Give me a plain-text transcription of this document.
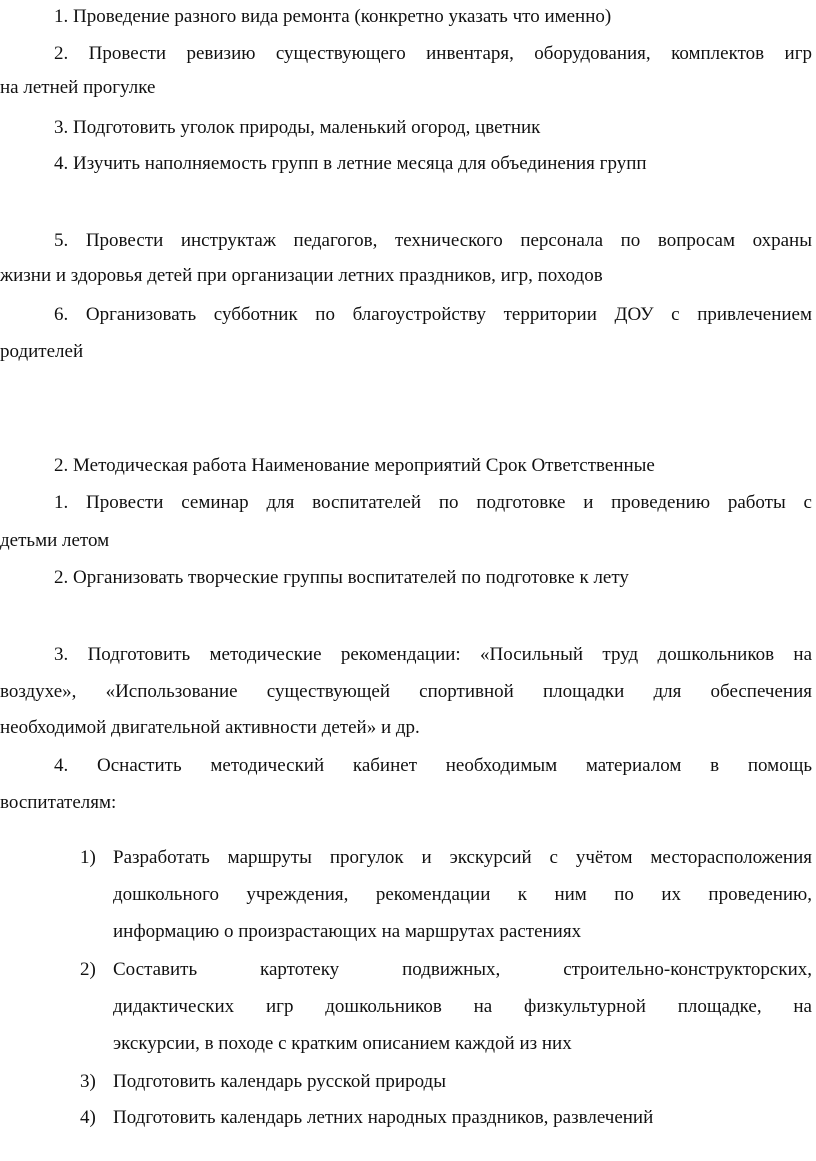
1. Проведение разного вида ремонта (конкретно указать что именно)
2. Провести ревизию существующего инвентаря, оборудования, комплектов игр
на летней прогулке
3. Подготовить уголок природы, маленький огород, цветник
4. Изучить наполняемость групп в летние месяца для объединения групп
5. Провести инструктаж педагогов, технического персонала по вопросам охраны
жизни и здоровья детей при организации летних праздников, игр, походов
6. Организовать субботник по благоустройству территории ДОУ с привлечением
родителей
2. Методическая работа Наименование мероприятий Срок Ответственные
1. Провести семинар для воспитателей по подготовке и проведению работы с
детьми летом
2. Организовать творческие группы воспитателей по подготовке к лету
3. Подготовить методические рекомендации: «Посильный труд дошкольников на
воздухе», «Использование существующей спортивной площадки для обеспечения
необходимой двигательной активности детей» и др.
4. Оснастить методический кабинет необходимым материалом в помощь
воспитателям:
1) Разработать маршруты прогулок и экскурсий с учётом месторасположения
дошкольного учреждения, рекомендации к ним по их проведению,
информацию о произрастающих на маршрутах растениях
2) Составить картотеку подвижных, строительно-конструкторских,
дидактических игр дошкольников на физкультурной площадке, на
экскурсии, в походе с кратким описанием каждой из них
3) Подготовить календарь русской природы
4) Подготовить календарь летних народных праздников, развлечений
